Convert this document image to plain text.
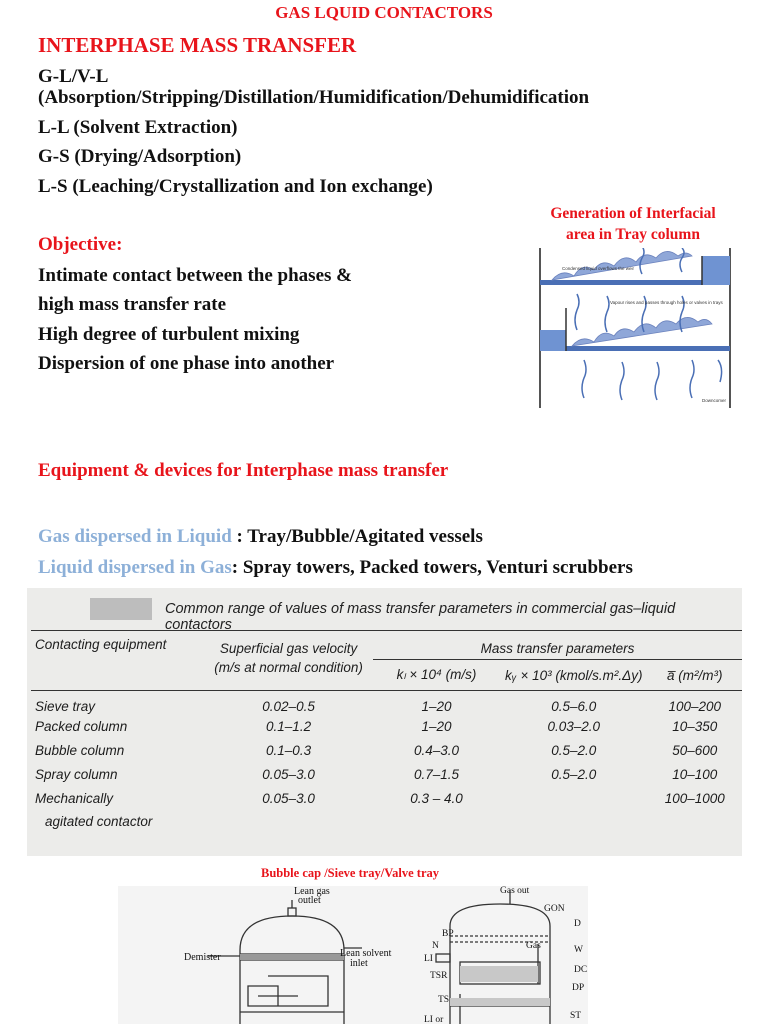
GAS LQUID CONTACTORS
INTERPHASE MASS TRANSFER
G-L/V-L
(Absorption/Stripping/Distillation/Humidification/Dehumidification
L-L (Solvent Extraction)
G-S (Drying/Adsorption)
L-S (Leaching/Crystallization and Ion exchange)
Objective:
Intimate contact between the phases &
high mass transfer rate
High degree of turbulent mixing
Dispersion of one phase into another
Generation of Interfacial
area in Tray column
Condensed liquid overflows the weir
Vapour rises and passes through holes or valves in trays
Downcomer
Equipment & devices for Interphase mass transfer
Gas dispersed in Liquid : Tray/Bubble/Agitated vessels
Liquid dispersed in Gas: Spray towers, Packed towers, Venturi scrubbers
Common range of values of mass transfer parameters in commercial gas–liquid contactors
Contacting equipment	Superficial gas velocity
(m/s at normal condition)	Mass transfer parameters		
		kₗ × 10⁴ (m/s)	kᵧ × 10³ (kmol/s.m².Δy)	a̅ (m²/m³)
Sieve tray	0.02–0.5	1–20	0.5–6.0	100–200
Packed column	0.1–1.2	1–20	0.03–2.0	10–350
Bubble column	0.1–0.3	0.4–3.0	0.5–2.0	50–600
Spray column	0.05–3.0	0.7–1.5	0.5–2.0	10–100
Mechanically	0.05–3.0	0.3 – 4.0		100–1000
agitated contactor				
Bubble cap /Sieve tray/Valve tray
Lean gas
outlet
Demister	Lean solvent
inlet
Gas out
GON
D
BP
Gas
N	W
LI
DC
TSR
DP
TS
LI or	ST
